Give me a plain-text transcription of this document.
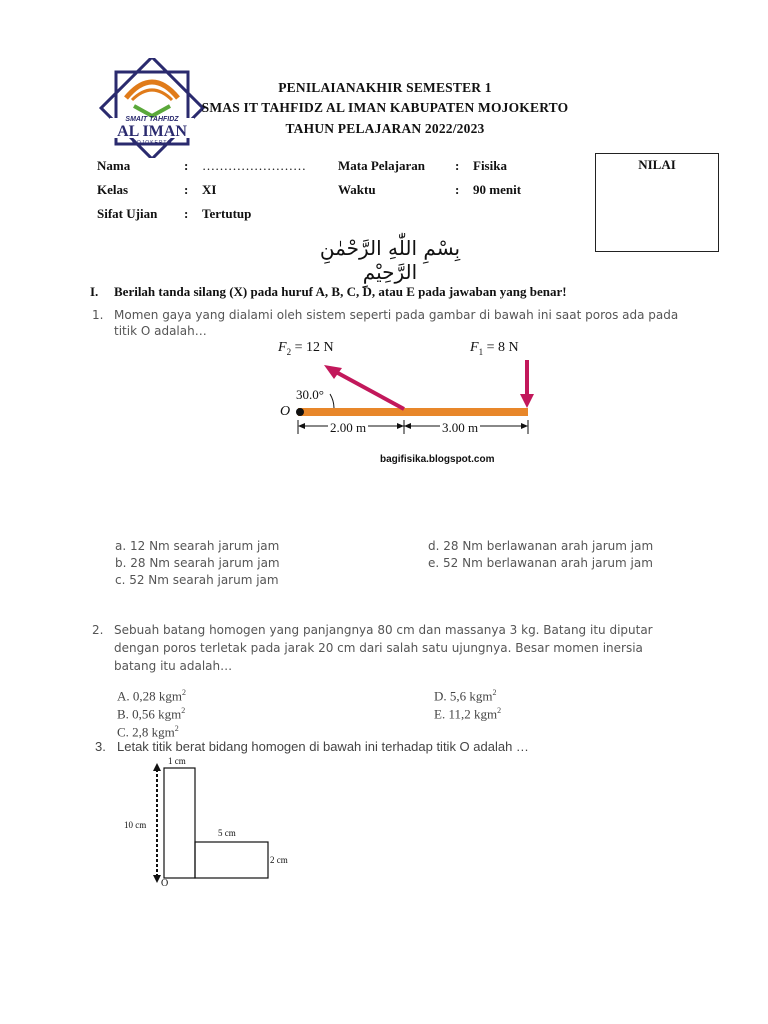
SMAIT TAHFIDZ
AL IMAN
MOJOKERTO
PENILAIANAKHIR SEMESTER 1
SMAS IT TAHFIDZ AL IMAN KABUPATEN MOJOKERTO
TAHUN PELAJARAN 2022/2023
Nama	: ……………………
Kelas	: XI
Sifat Ujian : Tertutup
Mata Pelajaran : Fisika
Waktu	: 90 menit
NILAI
بِسْمِ اللّٰهِ الرَّحْمٰنِ الرَّحِيْمِ
I. Berilah tanda silang (X) pada huruf A, B, C, D, atau E pada jawaban yang benar!
1. Momen gaya yang dialami oleh sistem seperti pada gambar di bawah ini saat poros ada pada
titik O adalah…
$F_2 = 12$ N	$F_1 = 8$ N
30.0°
O
2.00 m	3.00 m
bagifisika.blogspot.com
a. 12 Nm searah jarum jam
b. 28 Nm searah jarum jam
c. 52 Nm searah jarum jam
d. 28 Nm berlawanan arah jarum jam
e. 52 Nm berlawanan arah jarum jam
2. Sebuah batang homogen yang panjangnya 80 cm dan massanya 3 kg. Batang itu diputar
dengan poros terletak pada jarak 20 cm dari salah satu ujungnya. Besar momen inersia
batang itu adalah…
A. 0,28 kgm$^2$
B. 0,56 kgm$^2$
C. 2,8 kgm$^2$
D. 5,6 kgm$^2$
E. 11,2 kgm$^2$
3. Letak titik berat bidang homogen di bawah ini terhadap titik O adalah …
1 cm
10 cm
5 cm
2 cm
O
